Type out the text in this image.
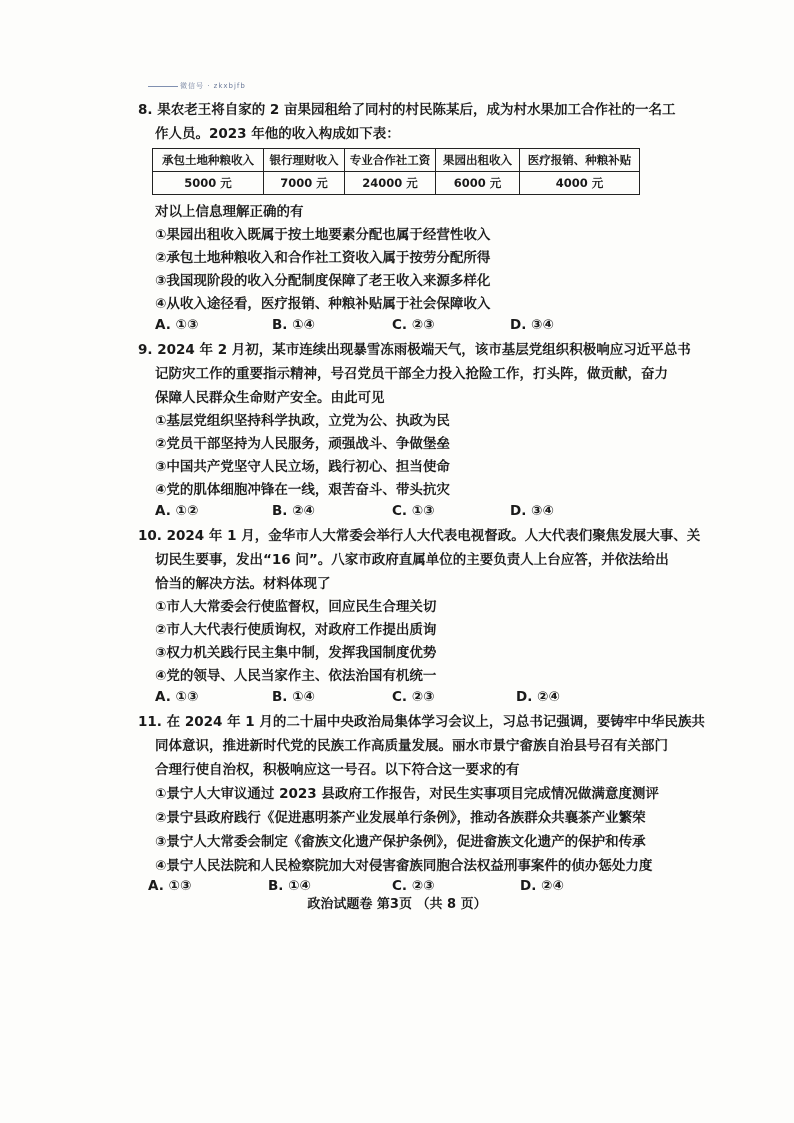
微信号 · zkxbjfb
8. 果农老王将自家的 2 亩果园租给了同村的村民陈某后，成为村水果加工合作社的一名工
作人员。2023 年他的收入构成如下表：
承包土地种粮收入	银行理财收入	专业合作社工资	果园出租收入	医疗报销、种粮补贴
5000 元	7000 元	24000 元	6000 元	4000 元
对以上信息理解正确的有
①果园出租收入既属于按土地要素分配也属于经营性收入
②承包土地种粮收入和合作社工资收入属于按劳分配所得
③我国现阶段的收入分配制度保障了老王收入来源多样化
④从收入途径看，医疗报销、种粮补贴属于社会保障收入
A. ①③	B. ①④	C. ②③	D. ③④
9. 2024 年 2 月初，某市连续出现暴雪冻雨极端天气，该市基层党组织积极响应习近平总书
记防灾工作的重要指示精神，号召党员干部全力投入抢险工作，打头阵，做贡献，奋力
保障人民群众生命财产安全。由此可见
①基层党组织坚持科学执政，立党为公、执政为民
②党员干部坚持为人民服务，顽强战斗、争做堡垒
③中国共产党坚守人民立场，践行初心、担当使命
④党的肌体细胞冲锋在一线，艰苦奋斗、带头抗灾
A. ①②	B. ②④	C. ①③	D. ③④
10. 2024 年 1 月，金华市人大常委会举行人大代表电视督政。人大代表们聚焦发展大事、关
切民生要事，发出“16 问”。八家市政府直属单位的主要负责人上台应答，并依法给出
恰当的解决方法。材料体现了
①市人大常委会行使监督权，回应民生合理关切
②市人大代表行使质询权，对政府工作提出质询
③权力机关践行民主集中制，发挥我国制度优势
④党的领导、人民当家作主、依法治国有机统一
A. ①③	B. ①④	C. ②③	D. ②④
11. 在 2024 年 1 月的二十届中央政治局集体学习会议上，习总书记强调，要铸牢中华民族共
同体意识，推进新时代党的民族工作高质量发展。丽水市景宁畲族自治县号召有关部门
合理行使自治权，积极响应这一号召。以下符合这一要求的有
①景宁人大审议通过 2023 县政府工作报告，对民生实事项目完成情况做满意度测评
②景宁县政府践行《促进惠明茶产业发展单行条例》，推动各族群众共襄茶产业繁荣
③景宁人大常委会制定《畲族文化遗产保护条例》，促进畲族文化遗产的保护和传承
④景宁人民法院和人民检察院加大对侵害畲族同胞合法权益刑事案件的侦办惩处力度
A. ①③	B. ①④	C. ②③	D. ②④
政治试题卷 第3页 （共 8 页）
